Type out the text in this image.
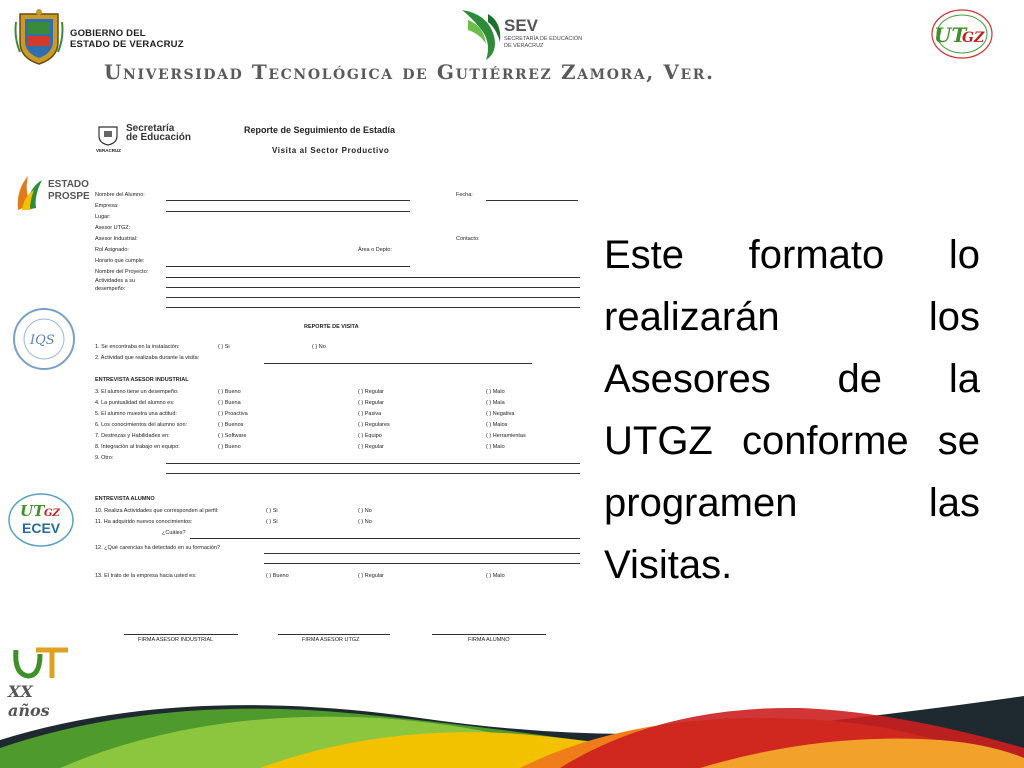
GOBIERNO DEL
ESTADO DE VERACRUZ
SEV
SECRETARÍA DE EDUCACIÓN
DE VERACRUZ	UT
GZ
Universidad Tecnológica de Gutiérrez Zamora, Ver.
ESTADO
PROSPE
IQS
UT GZ
ECEV
XX años
Secretaría
de Educación
VERACRUZ
Reporte de Seguimiento de Estadía
Visita al Sector Productivo
Nombre del Alumno:	Fecha:
Empresa:
Lugar:
Asesor UTGZ:
Asesor Industrial:	Contacto:
Rol Asignado:	Área o Depto:
Horario que cumple:
Nombre del Proyecto:
Actividades a su
desempeño:
REPORTE DE VISITA
1. Se encontraba en la instalación:	( ) Si	( ) No
2. Actividad que realizaba durante la visita:
ENTREVISTA ASESOR INDUSTRIAL
3. El alumno tiene un desempeño:	( ) Bueno	( ) Regular	( ) Malo
4. La puntualidad del alumno es:	( ) Buena	( ) Regular	( ) Mala
5. El alumno muestra una actitud:	( ) Proactiva	( ) Pasiva	( ) Negativa
6. Los conocimientos del alumno son:	( ) Buenos	( ) Regulares	( ) Malos
7. Destrezas y Habilidades en:	( ) Software	( ) Equipo	( ) Herramientas
8. Integración al trabajo en equipo:	( ) Bueno	( ) Regular	( ) Malo
9. Otro:
ENTREVISTA ALUMNO
10. Realiza Actividades que corresponden al perfil:	( ) Si	( ) No
11. Ha adquirido nuevos conocimientos:	( ) Si	( ) No
¿Cuáles?
12. ¿Qué carencias ha detectado en su formación?
13. El trato de la empresa hacia usted es:	( ) Bueno	( ) Regular	( ) Malo
FIRMA ASESOR INDUSTRIAL	FIRMA ASESOR UTGZ	FIRMA ALUMNO
Este formato lo realizarán los Asesores de la UTGZ conforme se programen las Visitas.
